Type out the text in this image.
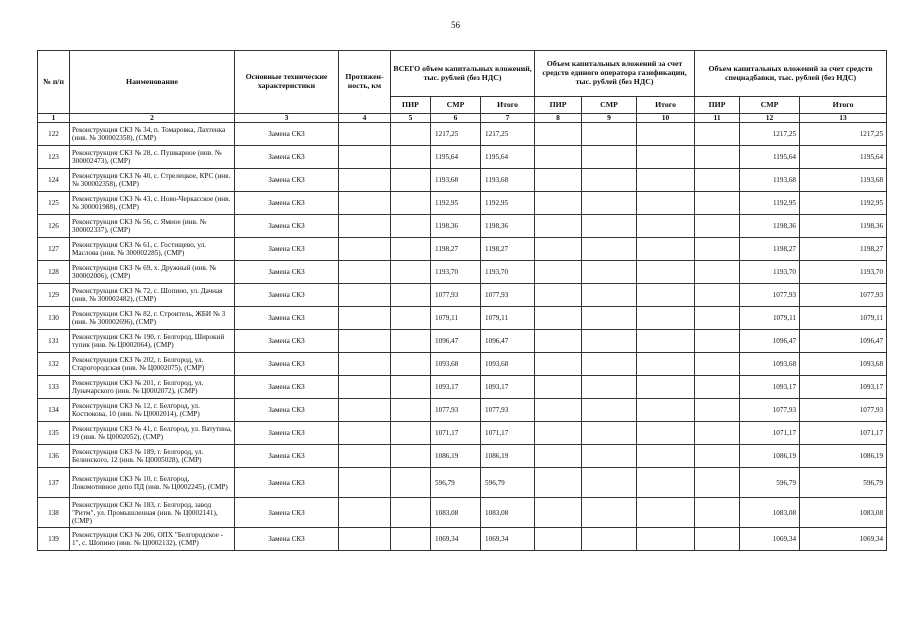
56
№ п/п	Наименование	Основные технические характеристики	Протяжен-ность, км	ВСЕГО объем капитальных вложений, тыс. рублей (без НДС)			Объем капитальных вложений за счет средств единого оператора газификации, тыс. рублей (без НДС)			Объем капитальных вложений за счет средств спецнадбавки, тыс. рублей (без НДС)		
				ПИР	СМР	Итого	ПИР	СМР	Итого	ПИР	СМР	Итого
1	2	3	4	5	6	7	8	9	10	11	12	13
122	Реконструкция СКЗ № 34, п. Томаровка, Лахтенка (инв. № 300002358), (СМР)	Замена СКЗ			1217,25	1217,25					1217,25	1217,25
123	Реконструкция СКЗ № 28, с. Пушкарное (инв. № 300002473), (СМР)	Замена СКЗ			1195,64	1195,64					1195,64	1195,64
124	Реконструкция СКЗ № 40, с. Стрелецкое, КРС (инв. № 300002358), (СМР)	Замена СКЗ			1193,68	1193,68					1193,68	1193,68
125	Реконструкция СКЗ № 43, с. Ново-Черкасское (инв. № 300001988), (СМР)	Замена СКЗ			1192,95	1192,95					1192,95	1192,95
126	Реконструкция СКЗ № 56, с. Ямное (инв. № 300002337), (СМР)	Замена СКЗ			1198,36	1198,36					1198,36	1198,36
127	Реконструкция СКЗ № 61, с. Гостищево, ул. Маслова (инв. № 300002285), (СМР)	Замена СКЗ			1198,27	1198,27					1198,27	1198,27
128	Реконструкция СКЗ № 69, х. Дружный (инв. № 300002006), (СМР)	Замена СКЗ			1193,70	1193,70					1193,70	1193,70
129	Реконструкция СКЗ № 72, с. Шопино, ул. Дачная (инв. № 300002482), (СМР)	Замена СКЗ			1077,93	1077,93					1077,93	1077,93
130	Реконструкция СКЗ № 82, г. Строитель, ЖБИ № 3 (инв. № 300002696), (СМР)	Замена СКЗ			1079,11	1079,11					1079,11	1079,11
131	Реконструкция СКЗ № 190, г. Белгород, Широкий тупик (инв. № Ц0002064), (СМР)	Замена СКЗ			1096,47	1096,47					1096,47	1096,47
132	Реконструкция СКЗ № 202, г. Белгород, ул. Старогородская (инв. № Ц0002075), (СМР)	Замена СКЗ			1093,68	1093,68					1093,68	1093,68
133	Реконструкция СКЗ № 201, г. Белгород, ул. Луначарского (инв. № Ц0002072), (СМР)	Замена СКЗ			1093,17	1093,17					1093,17	1093,17
134	Реконструкция СКЗ № 12, г. Белгород, ул. Костюкова, 10 (инв. № Ц0002014), (СМР)	Замена СКЗ			1077,93	1077,93					1077,93	1077,93
135	Реконструкция СКЗ № 41, г. Белгород, ул. Ватутина, 19 (инв. № Ц0002052), (СМР)	Замена СКЗ			1071,17	1071,17					1071,17	1071,17
136	Реконструкция СКЗ № 189, г. Белгород, ул. Белинского, 12 (инв. № Ц0005028), (СМР)	Замена СКЗ			1086,19	1086,19					1086,19	1086,19
137	Реконструкция СКЗ № 10, г. Белгород, Локомотивное депо ПД (инв. № Ц0002245), (СМР)	Замена СКЗ			596,79	596,79					596,79	596,79
138	Реконструкция СКЗ № 183, г. Белгород, завод "Ритм", ул. Промышленная (инв. № Ц0002141), (СМР)	Замена СКЗ			1083,08	1083,08					1083,08	1083,08
139	Реконструкция СКЗ № 206, ОПХ "Белгородское - 1", с. Шопино (инв. № Ц0002132), (СМР)	Замена СКЗ			1069,34	1069,34					1069,34	1069,34
